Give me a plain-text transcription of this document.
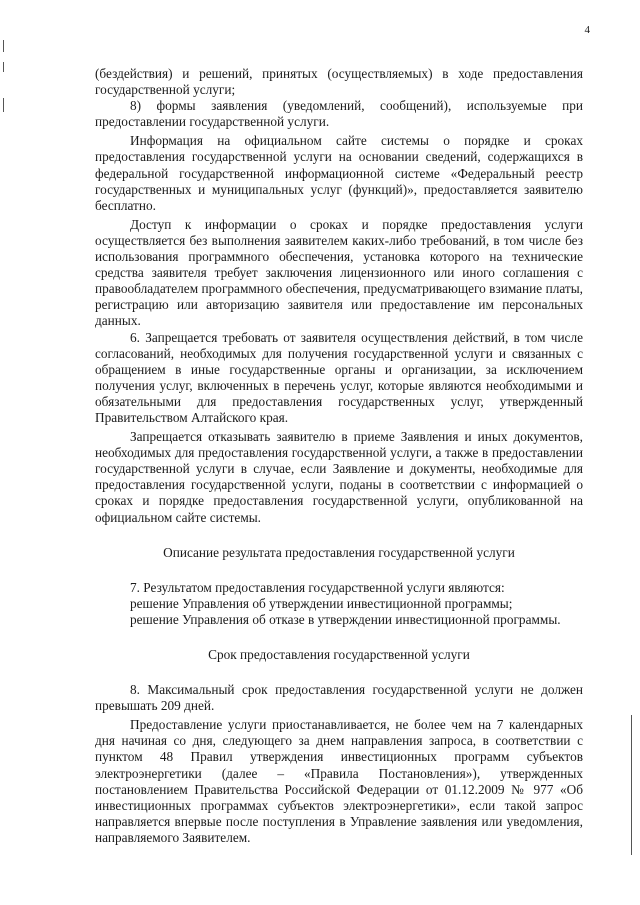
4

(бездействия) и решений, принятых (осуществляемых) в ходе предоставления государственной услуги;

8) формы заявления (уведомлений, сообщений), используемые при предоставлении государственной услуги.

Информация на официальном сайте системы о порядке и сроках предоставления государственной услуги на основании сведений, содержащихся в федеральной государственной информационной системе «Федеральный реестр государственных и муниципальных услуг (функций)», предоставляется заявителю бесплатно.

Доступ к информации о сроках и порядке предоставления услуги осуществляется без выполнения заявителем каких-либо требований, в том числе без использования программного обеспечения, установка которого на технические средства заявителя требует заключения лицензионного или иного соглашения с правообладателем программного обеспечения, предусматривающего взимание платы, регистрацию или авторизацию заявителя или предоставление им персональных данных.

6. Запрещается требовать от заявителя осуществления действий, в том числе согласований, необходимых для получения государственной услуги и связанных с обращением в иные государственные органы и организации, за исключением получения услуг, включенных в перечень услуг, которые являются необходимыми и обязательными для предоставления государственных услуг, утвержденный Правительством Алтайского края.

Запрещается отказывать заявителю в приеме Заявления и иных документов, необходимых для предоставления государственной услуги, а также в предоставлении государственной услуги в случае, если Заявление и документы, необходимые для предоставления государственной услуги, поданы в соответствии с информацией о сроках и порядке предоставления государственной услуги, опубликованной на официальном сайте системы.

Описание результата предоставления государственной услуги

7. Результатом предоставления государственной услуги являются:

решение Управления об утверждении инвестиционной программы;

решение Управления об отказе в утверждении инвестиционной программы.

Срок предоставления государственной услуги

8. Максимальный срок предоставления государственной услуги не должен превышать 209 дней.

Предоставление услуги приостанавливается, не более чем на 7 календарных дня начиная со дня, следующего за днем направления запроса, в соответствии с пунктом 48 Правил утверждения инвестиционных программ субъектов электроэнергетики (далее – «Правила Постановления»), утвержденных постановлением Правительства Российской Федерации от 01.12.2009 № 977 «Об инвестиционных программах субъектов электроэнергетики», если такой запрос направляется впервые после поступления в Управление заявления или уведомления, направляемого Заявителем.
